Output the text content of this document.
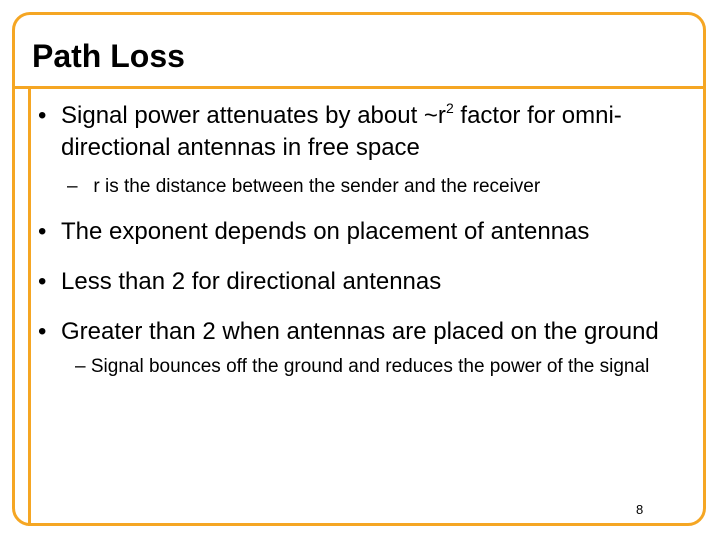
Path Loss

• Signal power attenuates by about $\sim r^2$ factor for omni-directional antennas in free space

– r is the distance between the sender and the receiver

• The exponent depends on placement of antennas

• Less than 2 for directional antennas

• Greater than 2 when antennas are placed on the ground

– Signal bounces off the ground and reduces the power of the signal

8
